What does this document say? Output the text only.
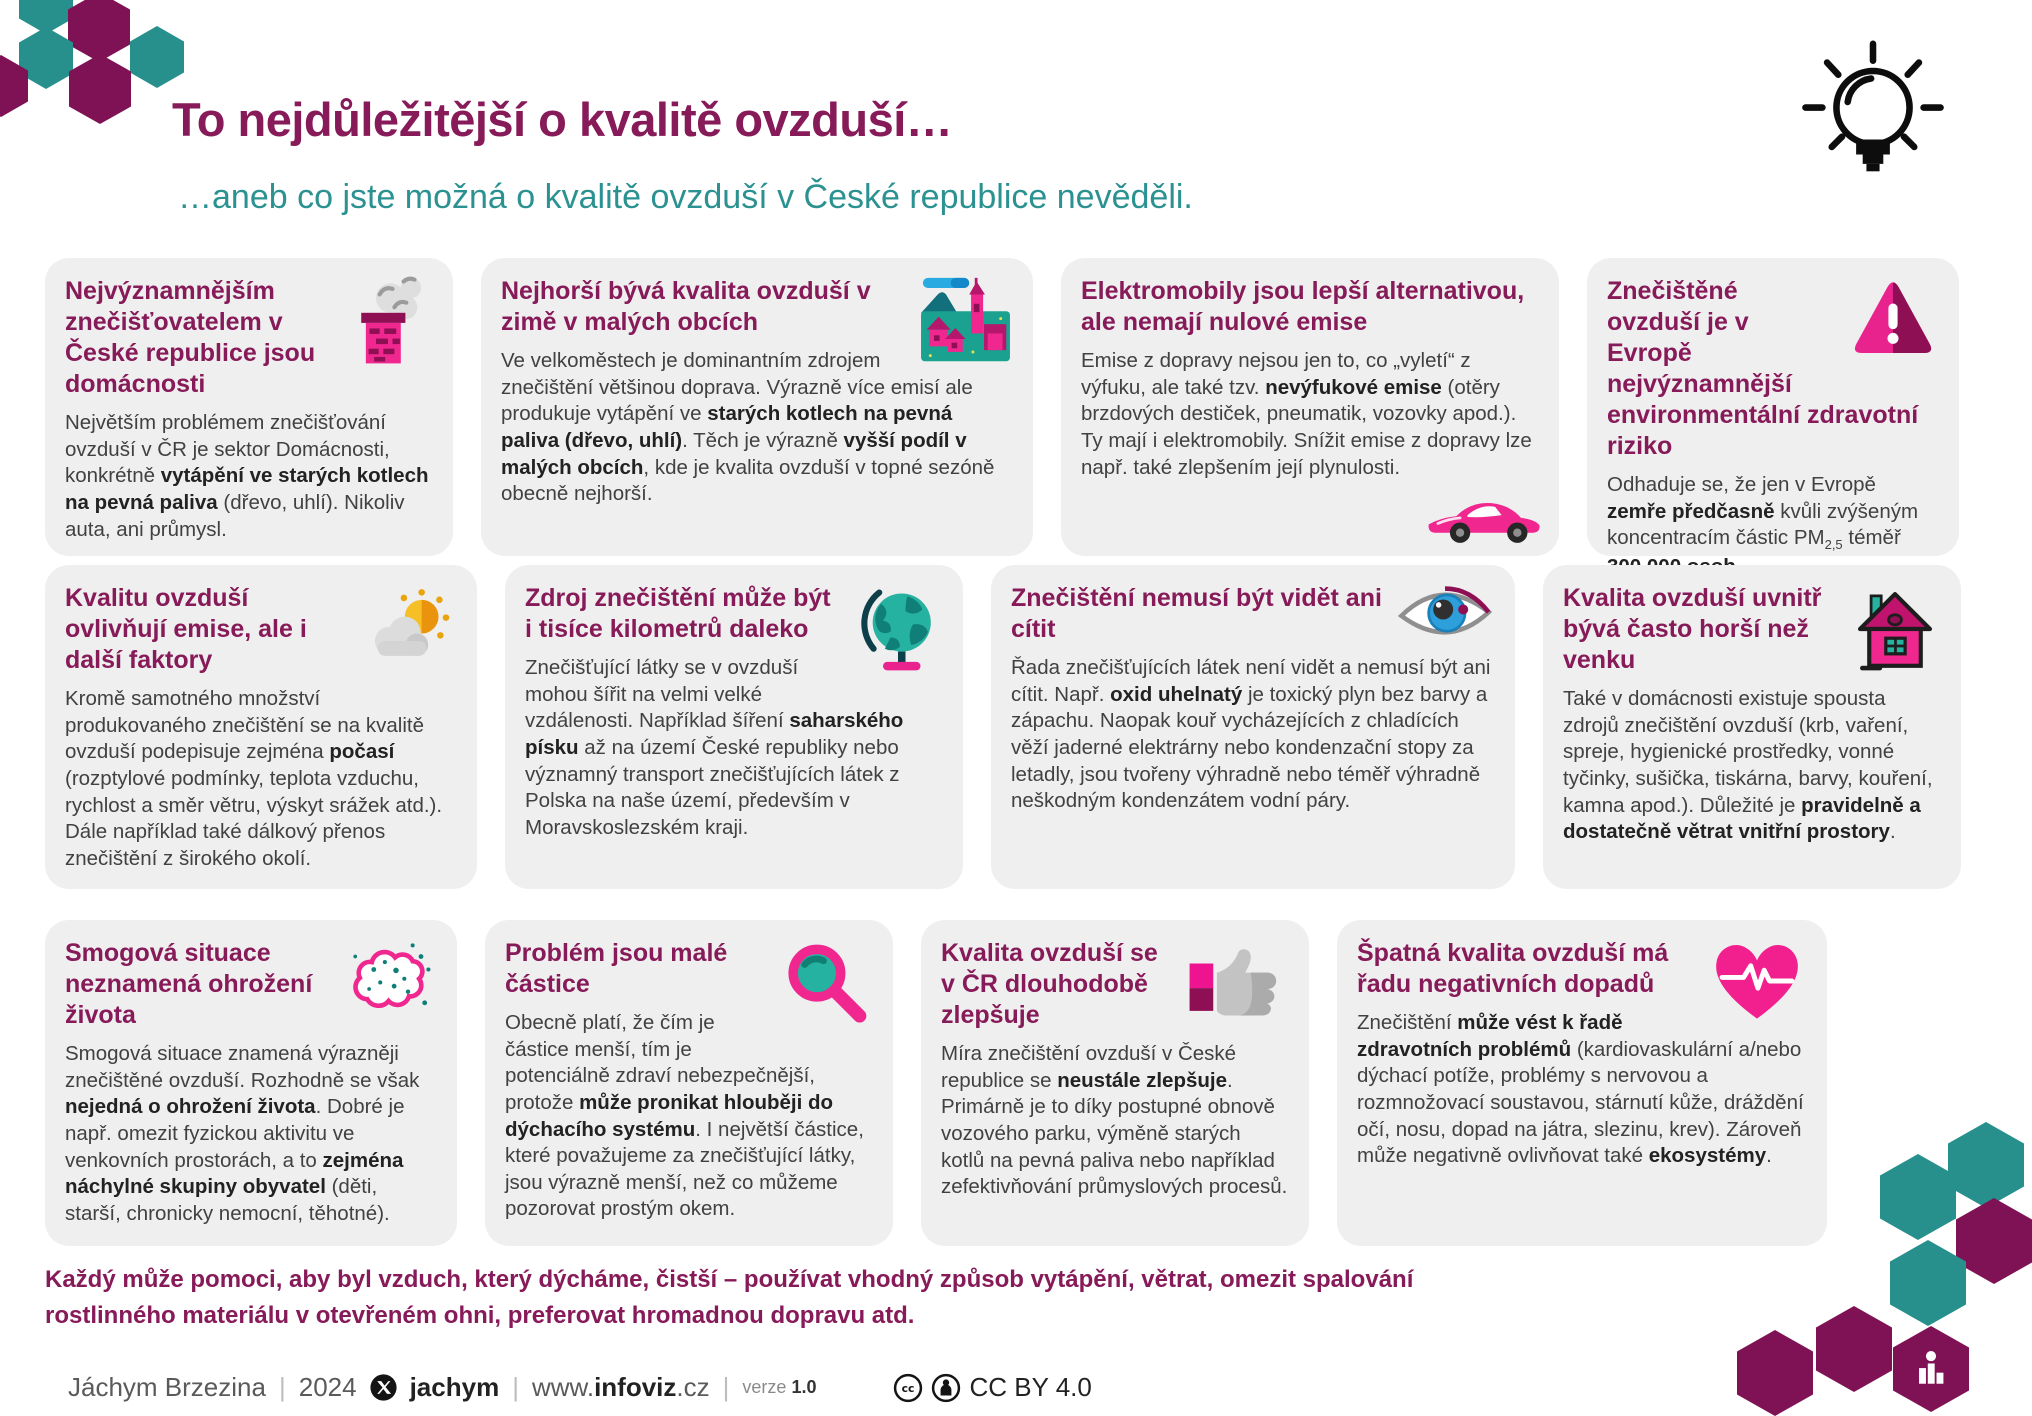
To nejdůležitější o kvalitě ovzduší…
…aneb co jste možná o kvalitě ovzduší v České republice nevěděli.
Nejvýznamnějším znečišťovatelem v České republice jsou domácnosti

Největším problémem znečišťování ovzduší v ČR je sektor Domácnosti, konkrétně vytápění ve starých kotlech na pevná paliva (dřevo, uhlí). Nikoliv auta, ani průmysl.

Nejhorší bývá kvalita ovzduší v zimě v malých obcích

Ve velkoměstech je dominantním zdrojem znečištění většinou doprava. Výrazně více emisí ale produkuje vytápění ve starých kotlech na pevná paliva (dřevo, uhlí). Těch je výrazně vyšší podíl v malých obcích, kde je kvalita ovzduší v topné sezóně obecně nejhorší.

Elektromobily jsou lepší alternativou, ale nemají nulové emise

Emise z dopravy nejsou jen to, co „vyletí“ z výfuku, ale také tzv. nevýfukové emise (otěry brzdových destiček, pneumatik, vozovky apod.). Ty mají i elektromobily. Snížit emise z dopravy lze např. také zlepšením její plynulosti.

Znečištěné ovzduší je v Evropě nejvýznamnější environmentální zdravotní riziko

Odhaduje se, že jen v Evropě zemře předčasně kvůli zvýšeným koncentracím částic $PM_{2,5}$ téměř

Kvalitu ovzduší ovlivňují emise, ale i další faktory

Kromě samotného množství produkovaného znečištění se na kvalitě ovzduší podepisuje zejména počasí (rozptylové podmínky, teplota vzduchu, rychlost a směr větru, výskyt srážek atd.). Dále například také dálkový přenos znečištění z širokého okolí.

Zdroj znečištění může být i tisíce kilometrů daleko

Znečišťující látky se v ovzduší mohou šířit na velmi velké vzdálenosti. Například šíření saharského písku až na území České republiky nebo významný transport znečišťujících látek z Polska na naše území, především v Moravskoslezském kraji.

Znečištění nemusí být vidět ani cítit

Řada znečišťujících látek není vidět a nemusí být ani cítit. Např. oxid uhelnatý je toxický plyn bez barvy a zápachu. Naopak kouř vycházejících z chladících věží jaderné elektrárny nebo kondenzační stopy za letadly, jsou tvořeny výhradně nebo téměř výhradně neškodným kondenzátem vodní páry.

Kvalita ovzduší uvnitř bývá často horší než venku

Také v domácnosti existuje spousta zdrojů znečištění ovzduší (krb, vaření, spreje, hygienické prostředky, vonné tyčinky, sušička, tiskárna, barvy, kouření, kamna apod.). Důležité je pravidelně a dostatečně větrat vnitřní prostory.

Smogová situace neznamená ohrožení života

Smogová situace znamená výrazněji znečištěné ovzduší. Rozhodně se však nejedná o ohrožení života. Dobré je např. omezit fyzickou aktivitu ve venkovních prostorách, a to zejména náchylné skupiny obyvatel (děti, starší, chronicky nemocní, těhotné).

Problém jsou malé částice

Obecně platí, že čím je částice menší, tím je potenciálně zdraví nebezpečnější, protože může pronikat hlouběji do dýchacího systému. I největší částice, které považujeme za znečišťující látky, jsou výrazně menší, než co můžeme pozorovat prostým okem.

Kvalita ovzduší se v ČR dlouhodobě zlepšuje

Míra znečištění ovzduší v České republice se neustále zlepšuje. Primárně je to díky postupné obnově vozového parku, výměně starých kotlů na pevná paliva nebo například zefektivňování průmyslových procesů.

Špatná kvalita ovzduší má řadu negativních dopadů

Znečištění může vést k řadě zdravotních problémů (kardiovaskulární a/nebo dýchací potíže, problémy s nervovou a rozmnožovací soustavou, stárnutí kůže, dráždění očí, nosu, dopad na játra, slezinu, krev). Zároveň může negativně ovlivňovat také ekosystémy.

Každý může pomoci, aby byl vzduch, který dýcháme, čistší – používat vhodný způsob vytápění, větrat, omezit spalování rostlinného materiálu v otevřeném ohni, preferovat hromadnou dopravu atd.

Jáchym Brzezina | 2024 jachym | www.infoviz.cz | verze 1.0	cc CC BY 4.0
